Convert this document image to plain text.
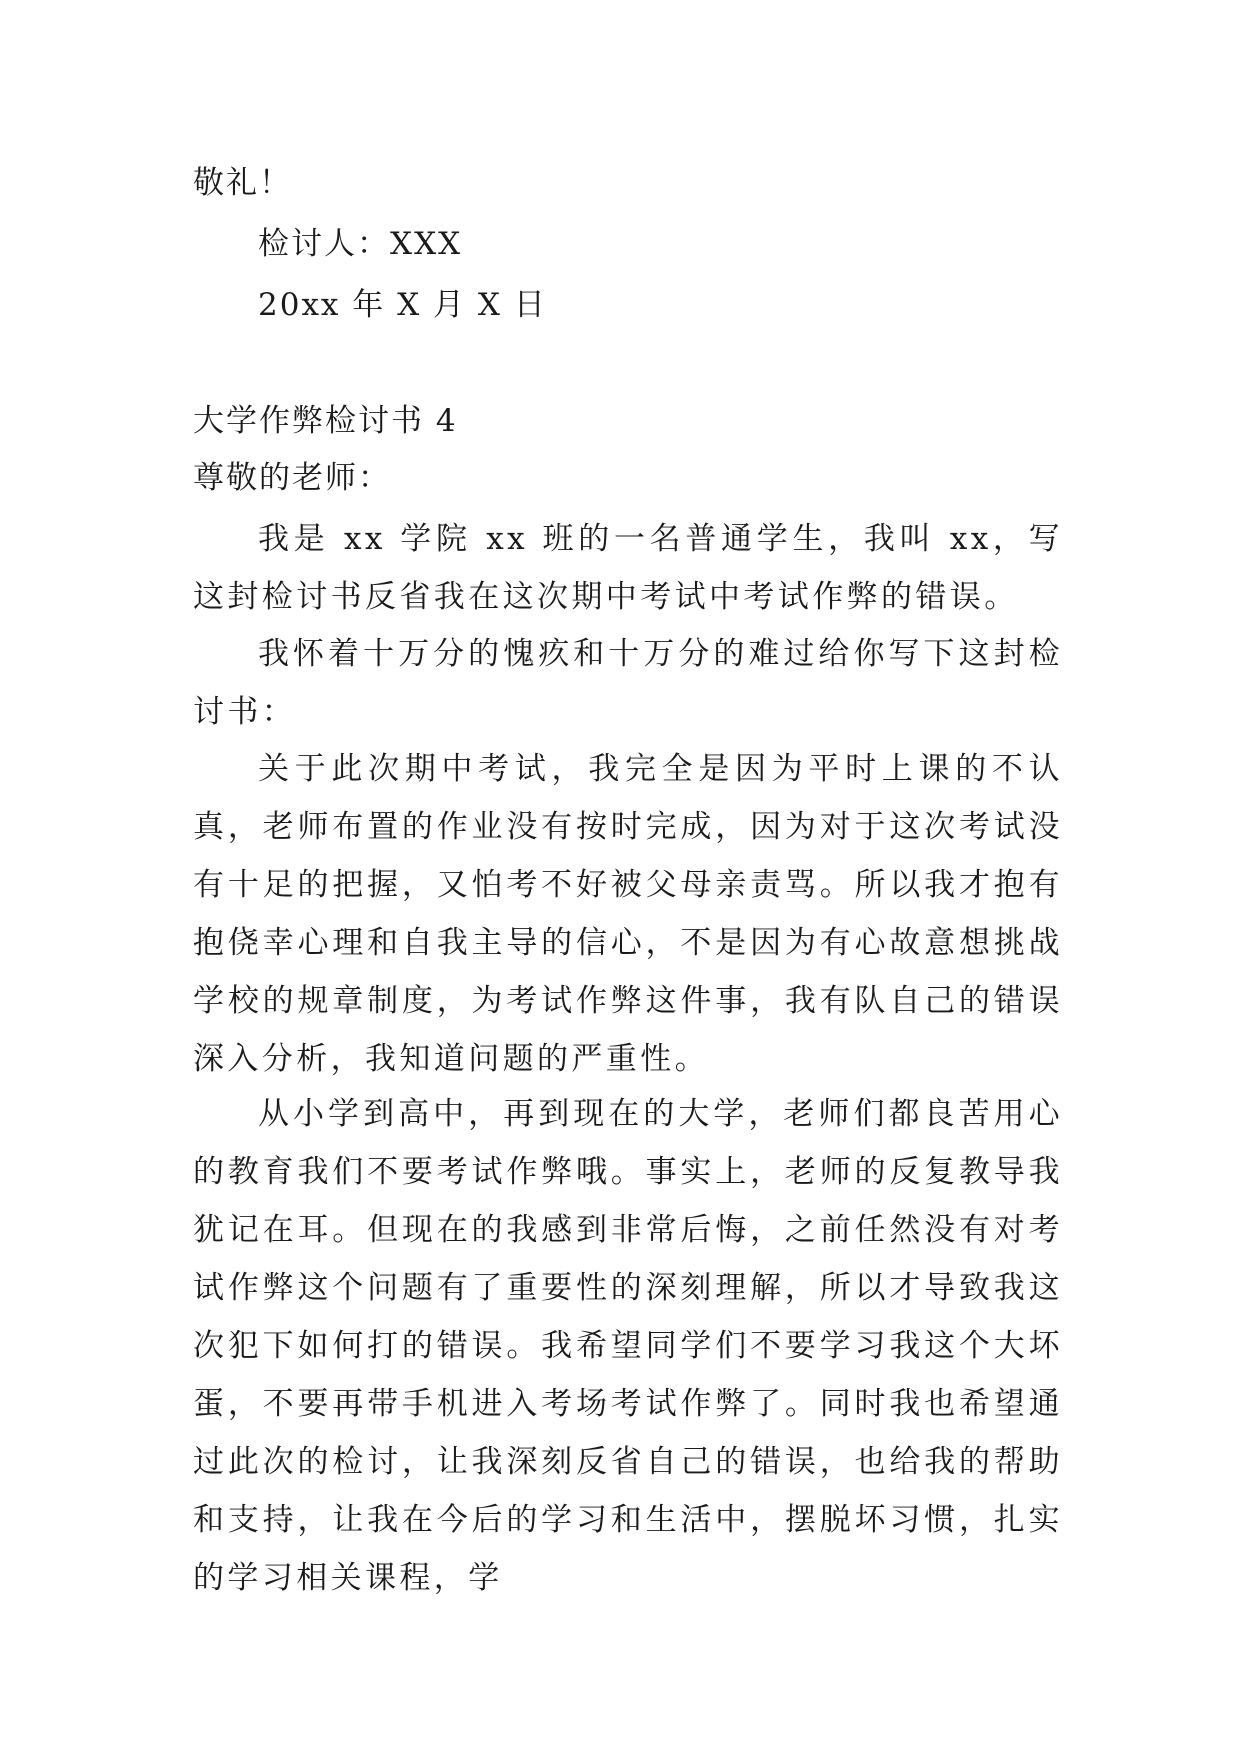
敬礼！

检讨人：XXX

20xx 年 X 月 X 日

大学作弊检讨书 4

尊敬的老师：

我是 xx 学院 xx 班的一名普通学生，我叫 xx，写这封检讨书反省我在这次期中考试中考试作弊的错误。

我怀着十万分的愧疚和十万分的难过给你写下这封检讨书：

关于此次期中考试，我完全是因为平时上课的不认真，老师布置的作业没有按时完成，因为对于这次考试没有十足的把握，又怕考不好被父母亲责骂。所以我才抱有抱侥幸心理和自我主导的信心，不是因为有心故意想挑战学校的规章制度，为考试作弊这件事，我有队自己的错误深入分析，我知道问题的严重性。

从小学到高中，再到现在的大学，老师们都良苦用心的教育我们不要考试作弊哦。事实上，老师的反复教导我犹记在耳。但现在的我感到非常后悔，之前任然没有对考试作弊这个问题有了重要性的深刻理解，所以才导致我这次犯下如何打的错误。我希望同学们不要学习我这个大坏蛋，不要再带手机进入考场考试作弊了。同时我也希望通过此次的检讨，让我深刻反省自己的错误，也给我的帮助和支持，让我在今后的学习和生活中，摆脱坏习惯，扎实的学习相关课程，学
